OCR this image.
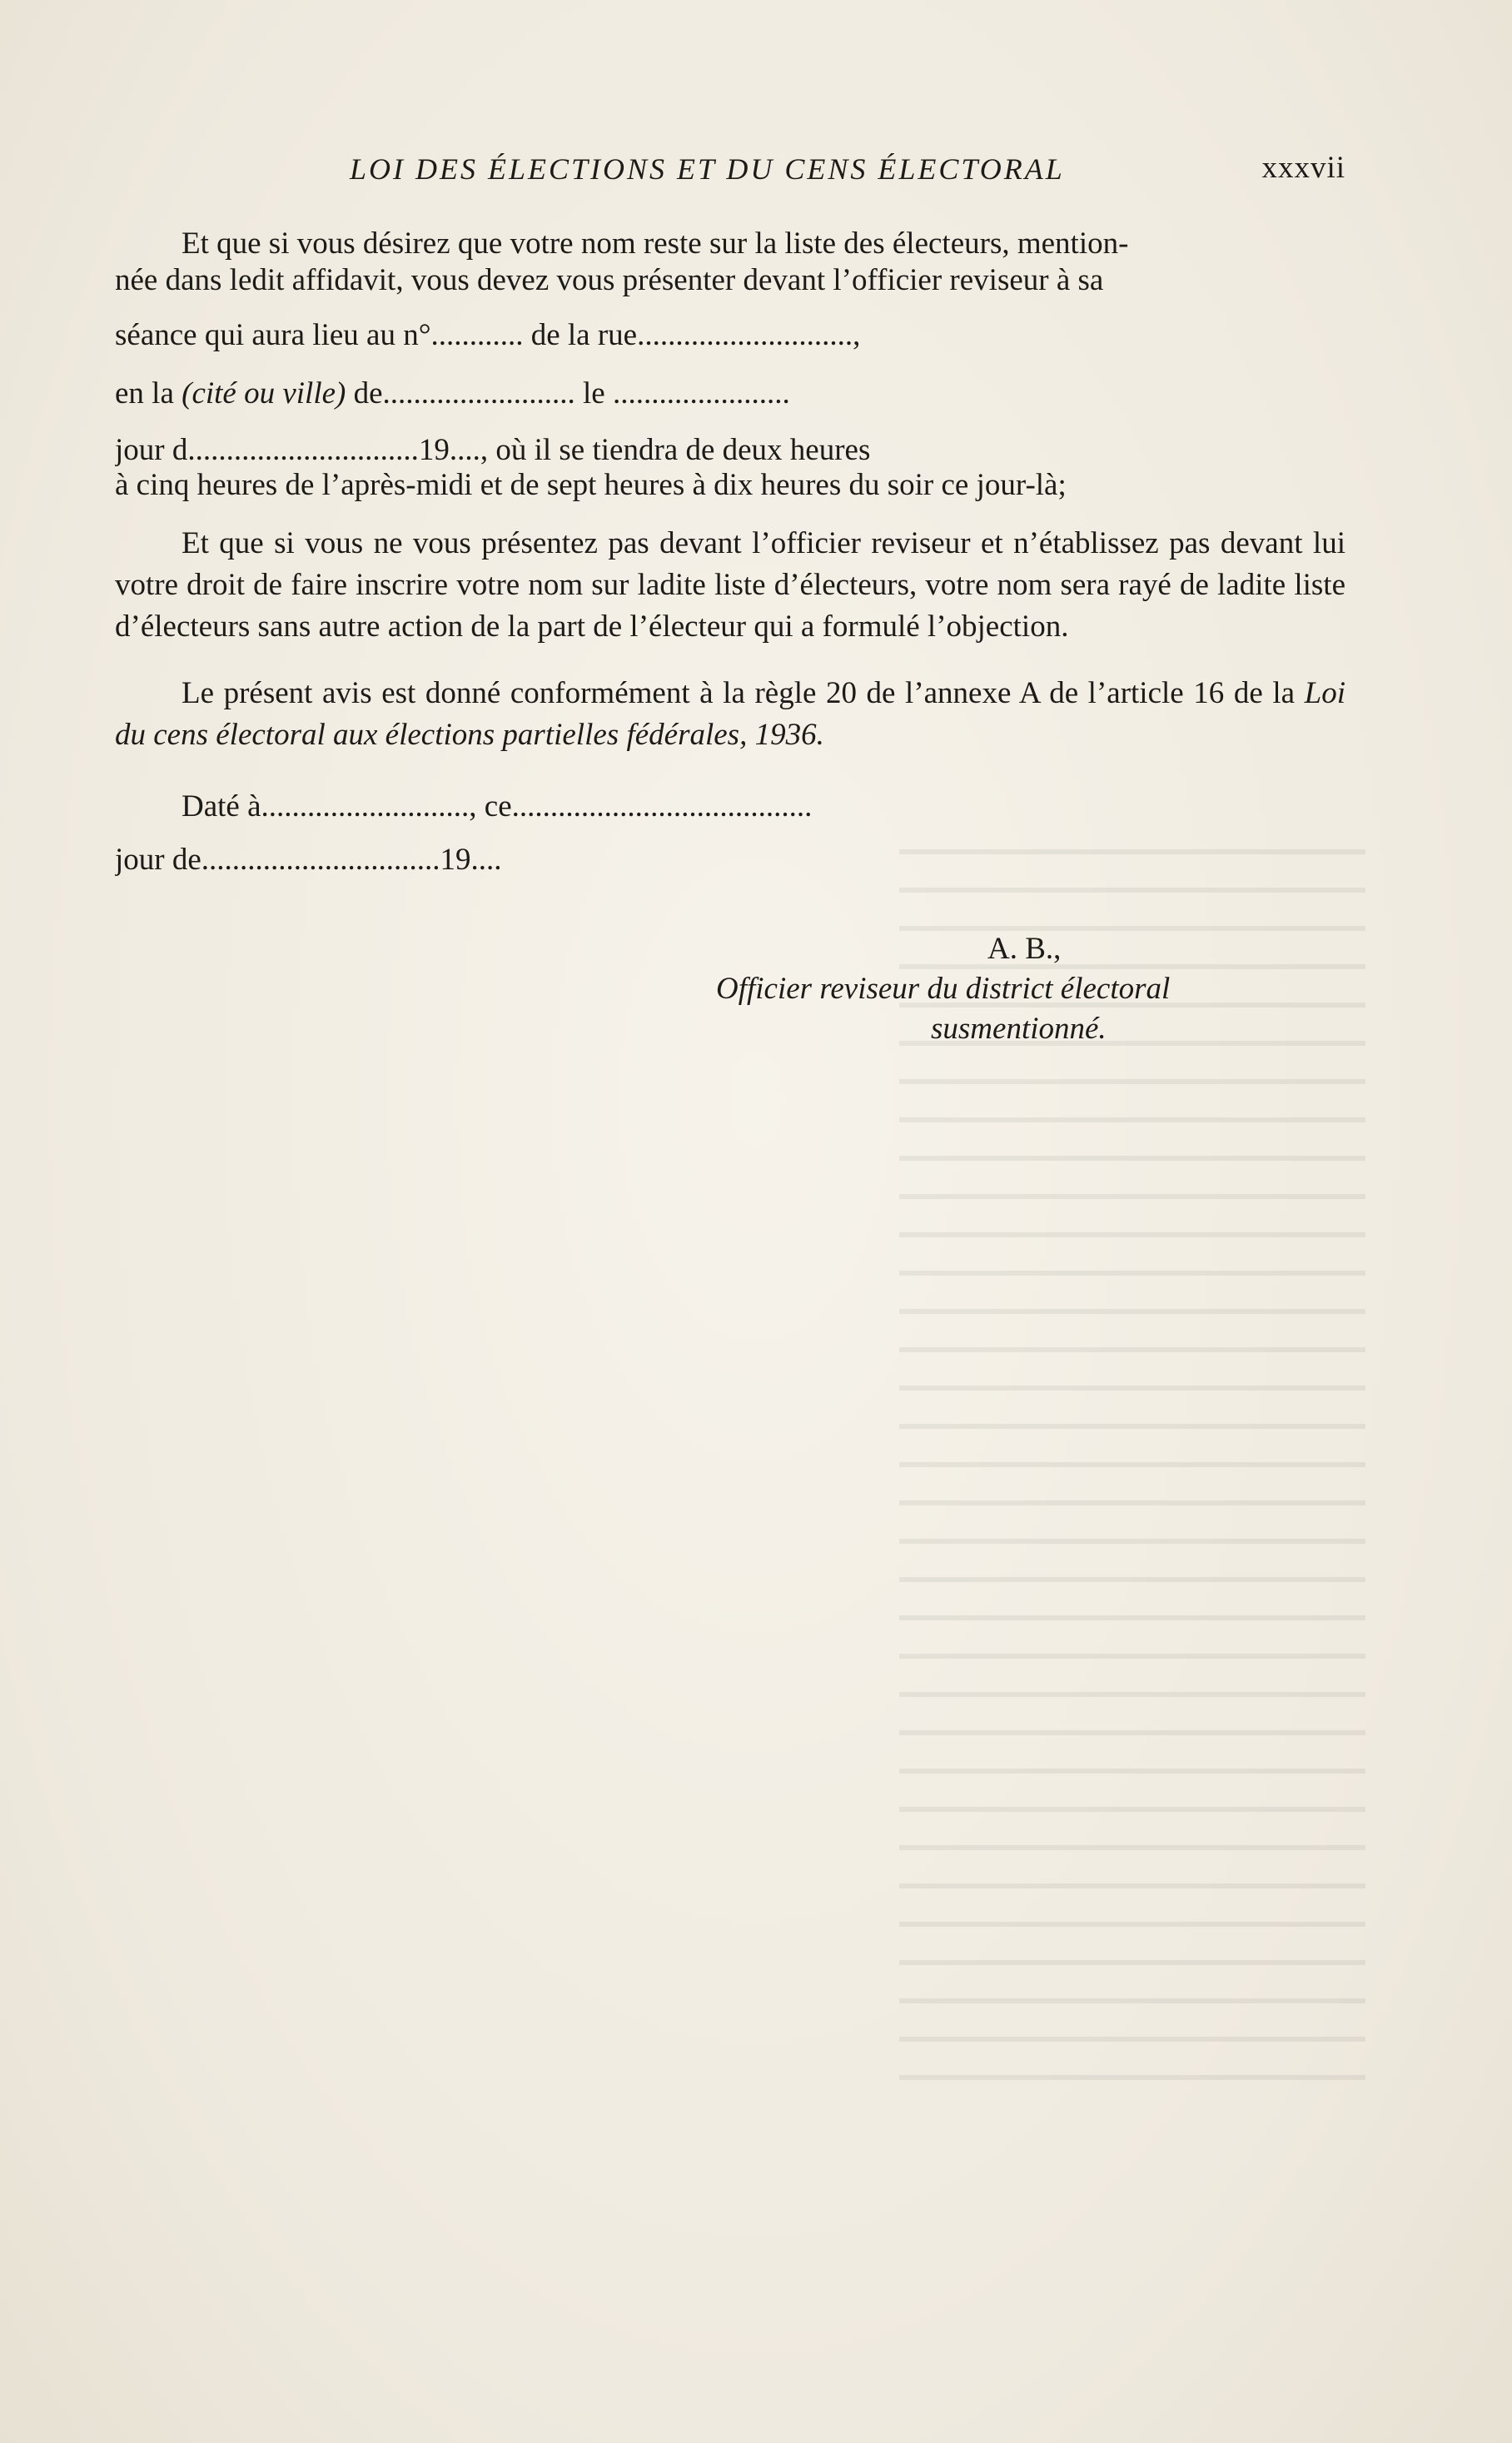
LOI DES ÉLECTIONS ET DU CENS ÉLECTORAL	xxxvii
Et que si vous désirez que votre nom reste sur la liste des électeurs, mention-
née dans ledit affidavit, vous devez vous présenter devant l’officier reviseur à sa
séance qui aura lieu au n°............ de la rue............................,
en la (cité ou ville) de......................... le .......................
jour d..............................19...., où il se tiendra de deux heures
à cinq heures de l’après-midi et de sept heures à dix heures du soir ce jour-là;
Et que si vous ne vous présentez pas devant l’officier reviseur et n’établissez pas devant lui votre droit de faire inscrire votre nom sur ladite liste d’électeurs, votre nom sera rayé de ladite liste d’électeurs sans autre action de la part de l’électeur qui a formulé l’objection.
Le présent avis est donné conformément à la règle 20 de l’annexe A de l’article 16 de la Loi du cens électoral aux élections partielles fédérales, 1936.
Daté à..........................., ce.......................................
jour de...............................19....
A. B.,
Officier reviseur du district électoral
susmentionné.
